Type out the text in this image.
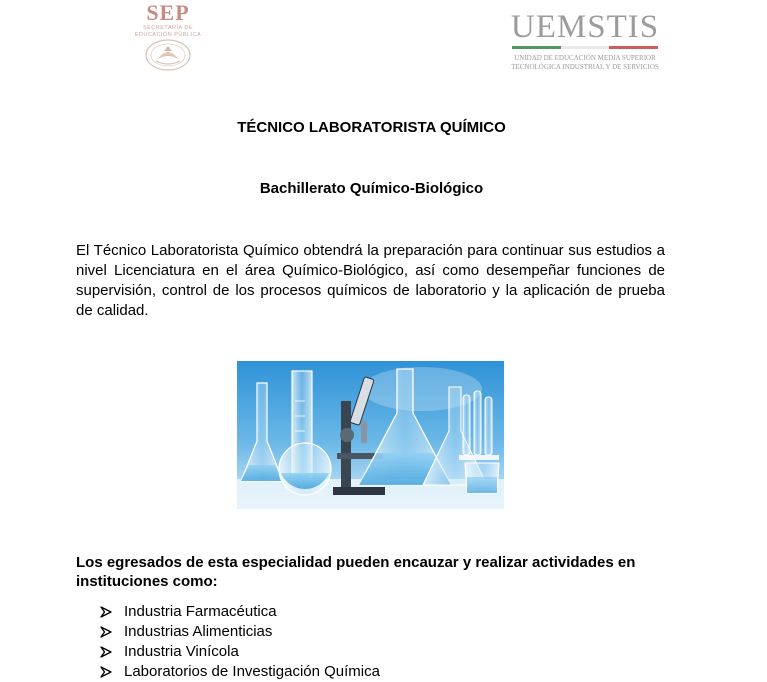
SEP
SECRETARÍA DE
EDUCACIÓN PÚBLICA	UEMSTIS
UNIDAD DE EDUCACIÓN MEDIA SUPERIOR
TECNOLÓGICA INDUSTRIAL Y DE SERVICIOS
TÉCNICO LABORATORISTA QUÍMICO
Bachillerato Químico-Biológico

El Técnico Laboratorista Químico obtendrá la preparación para continuar sus estudios a nivel Licenciatura en el área Químico-Biológico, así como desempeñar funciones de supervisión, control de los procesos químicos de laboratorio y la aplicación de prueba de calidad.

Los egresados de esta especialidad pueden encauzar y realizar actividades en instituciones como:

Industria Farmacéutica
Industrias Alimenticias
Industria Vinícola
Laboratorios de Investigación Química
